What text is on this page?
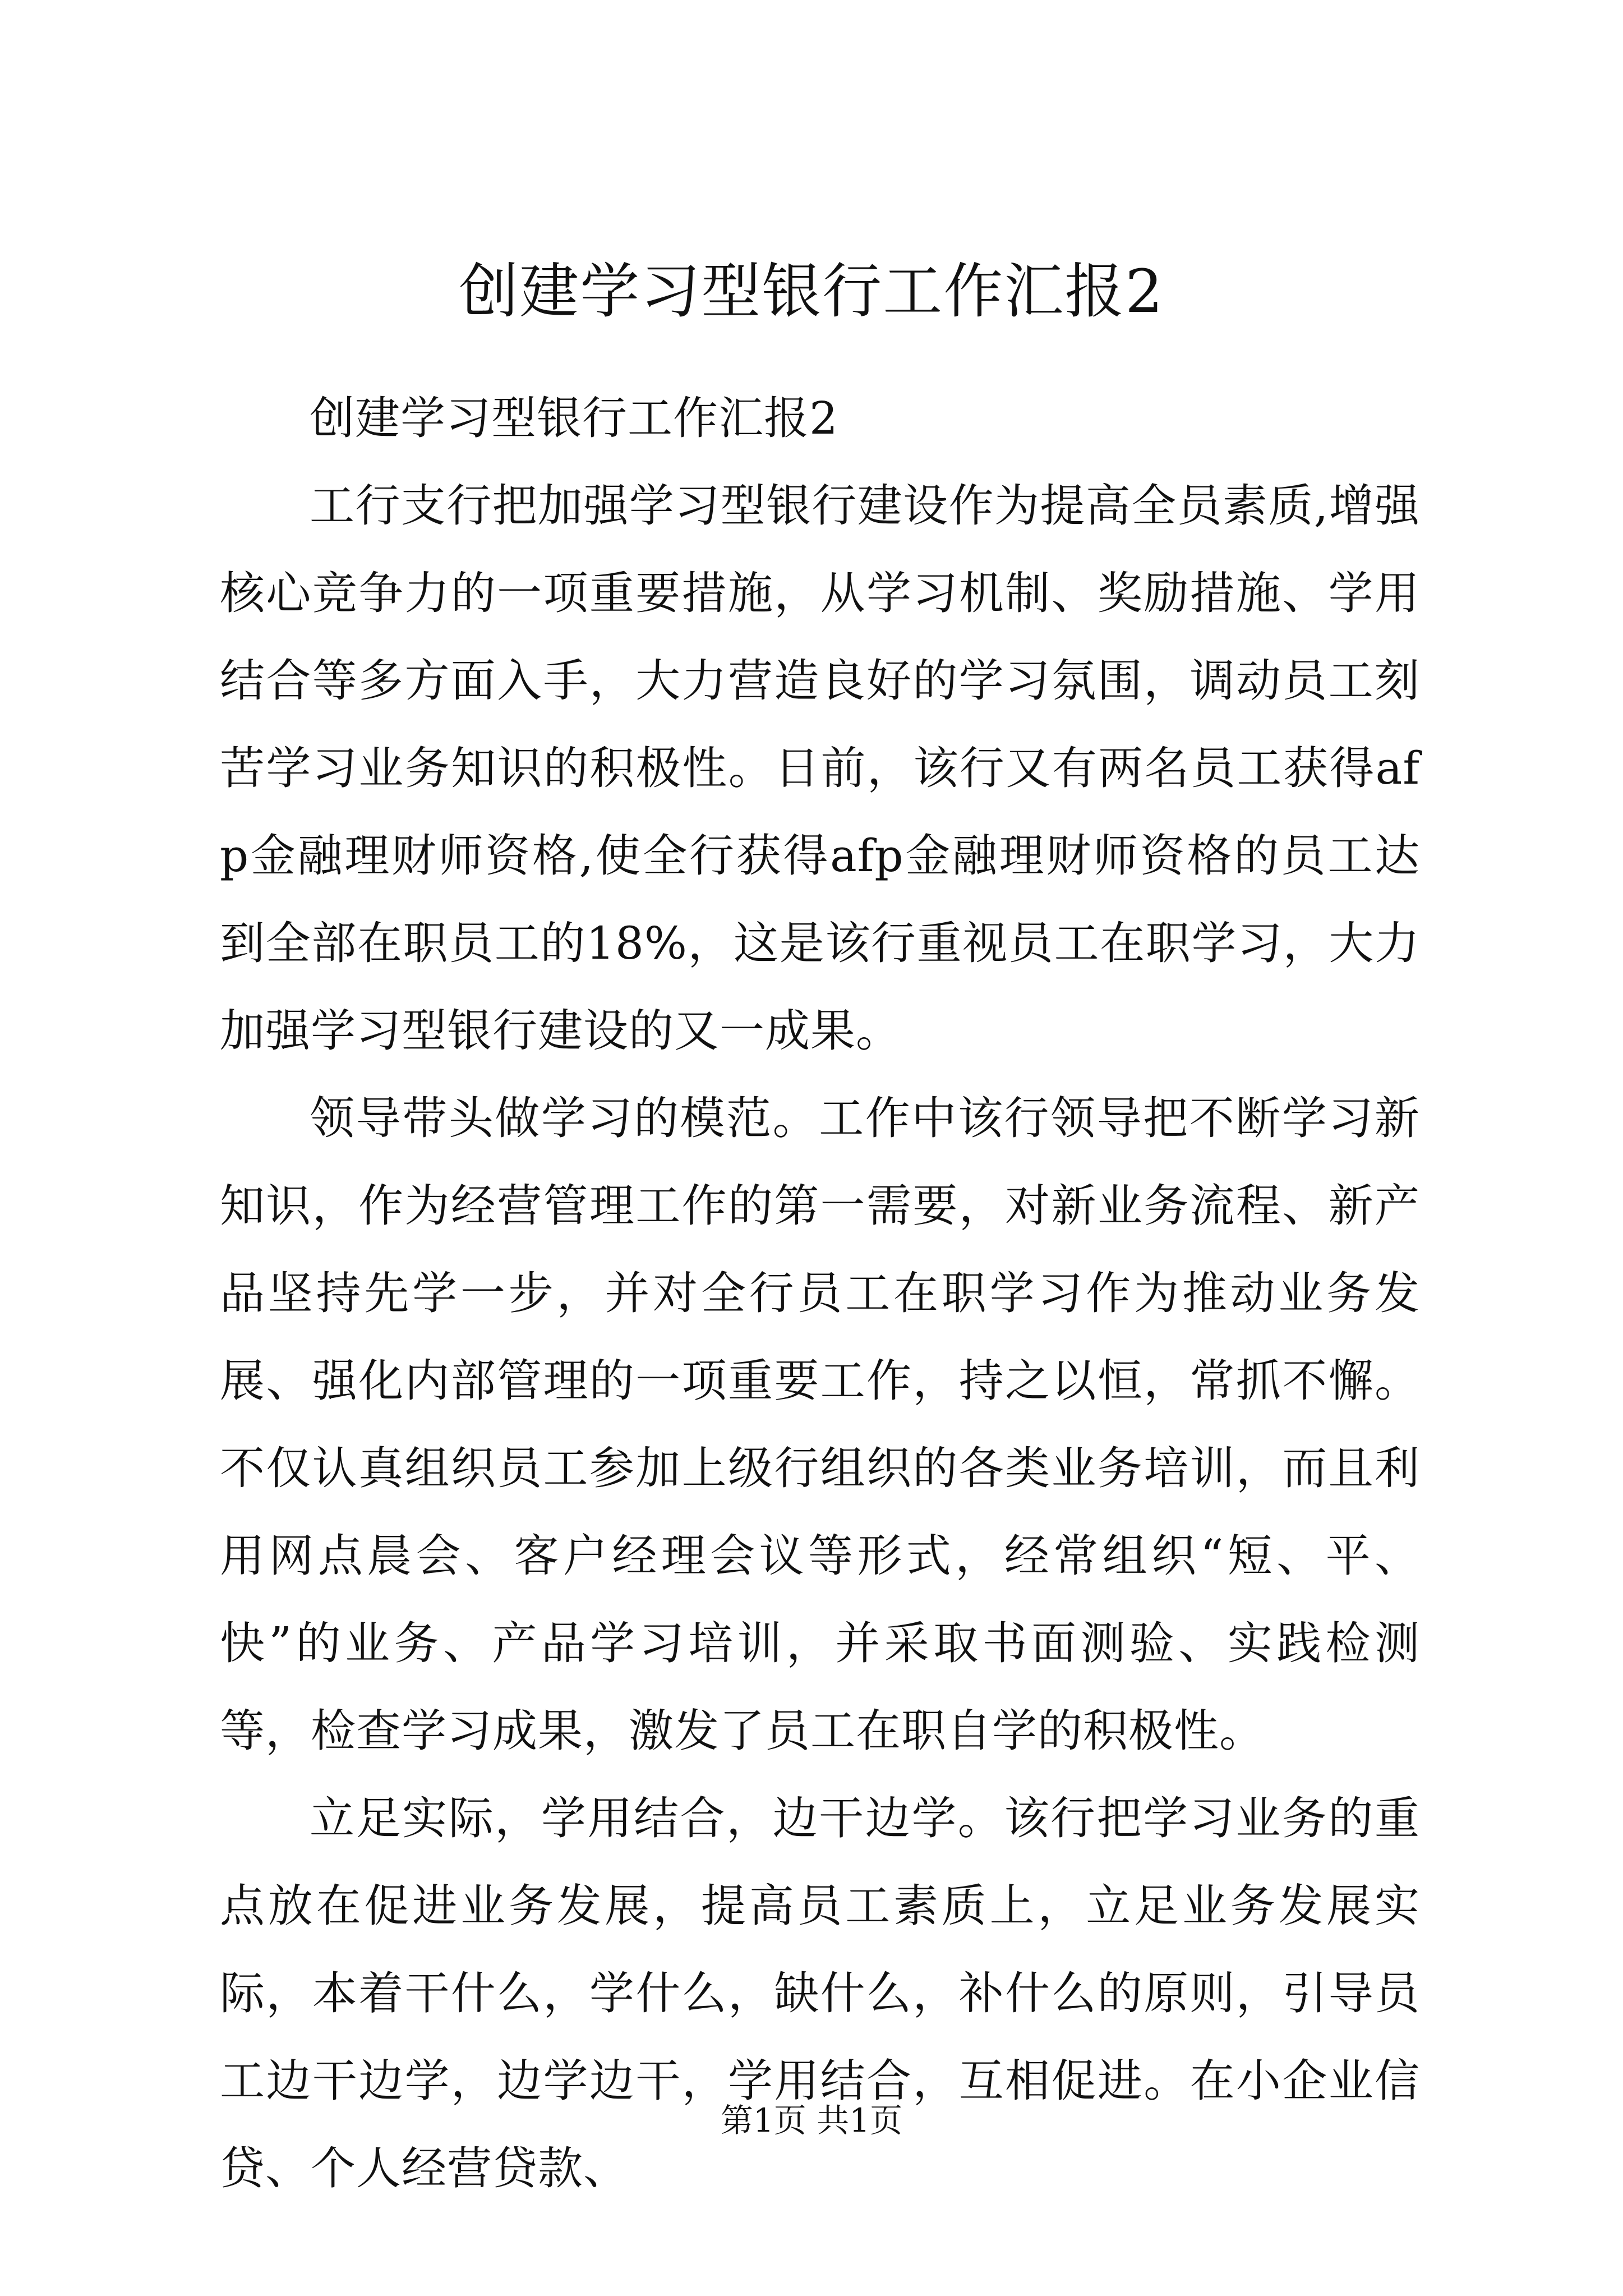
创建学习型银行工作汇报2

创建学习型银行工作汇报2

工行支行把加强学习型银行建设作为提高全员素质,增强核心竞争力的一项重要措施，从学习机制、奖励措施、学用结合等多方面入手，大力营造良好的学习氛围，调动员工刻苦学习业务知识的积极性。日前，该行又有两名员工获得afp金融理财师资格,使全行获得afp金融理财师资格的员工达到全部在职员工的18%，这是该行重视员工在职学习，大力加强学习型银行建设的又一成果。

领导带头做学习的模范。工作中该行领导把不断学习新知识，作为经营管理工作的第一需要，对新业务流程、新产品坚持先学一步，并对全行员工在职学习作为推动业务发展、强化内部管理的一项重要工作，持之以恒，常抓不懈。不仅认真组织员工参加上级行组织的各类业务培训，而且利用网点晨会、客户经理会议等形式，经常组织“短、平、快”的业务、产品学习培训，并采取书面测验、实践检测等，检查学习成果，激发了员工在职自学的积极性。

立足实际，学用结合，边干边学。该行把学习业务的重点放在促进业务发展，提高员工素质上，立足业务发展实际，本着干什么，学什么，缺什么，补什么的原则，引导员工边干边学，边学边干，学用结合，互相促进。在小企业信贷、个人经营贷款、

第1页 共1页
